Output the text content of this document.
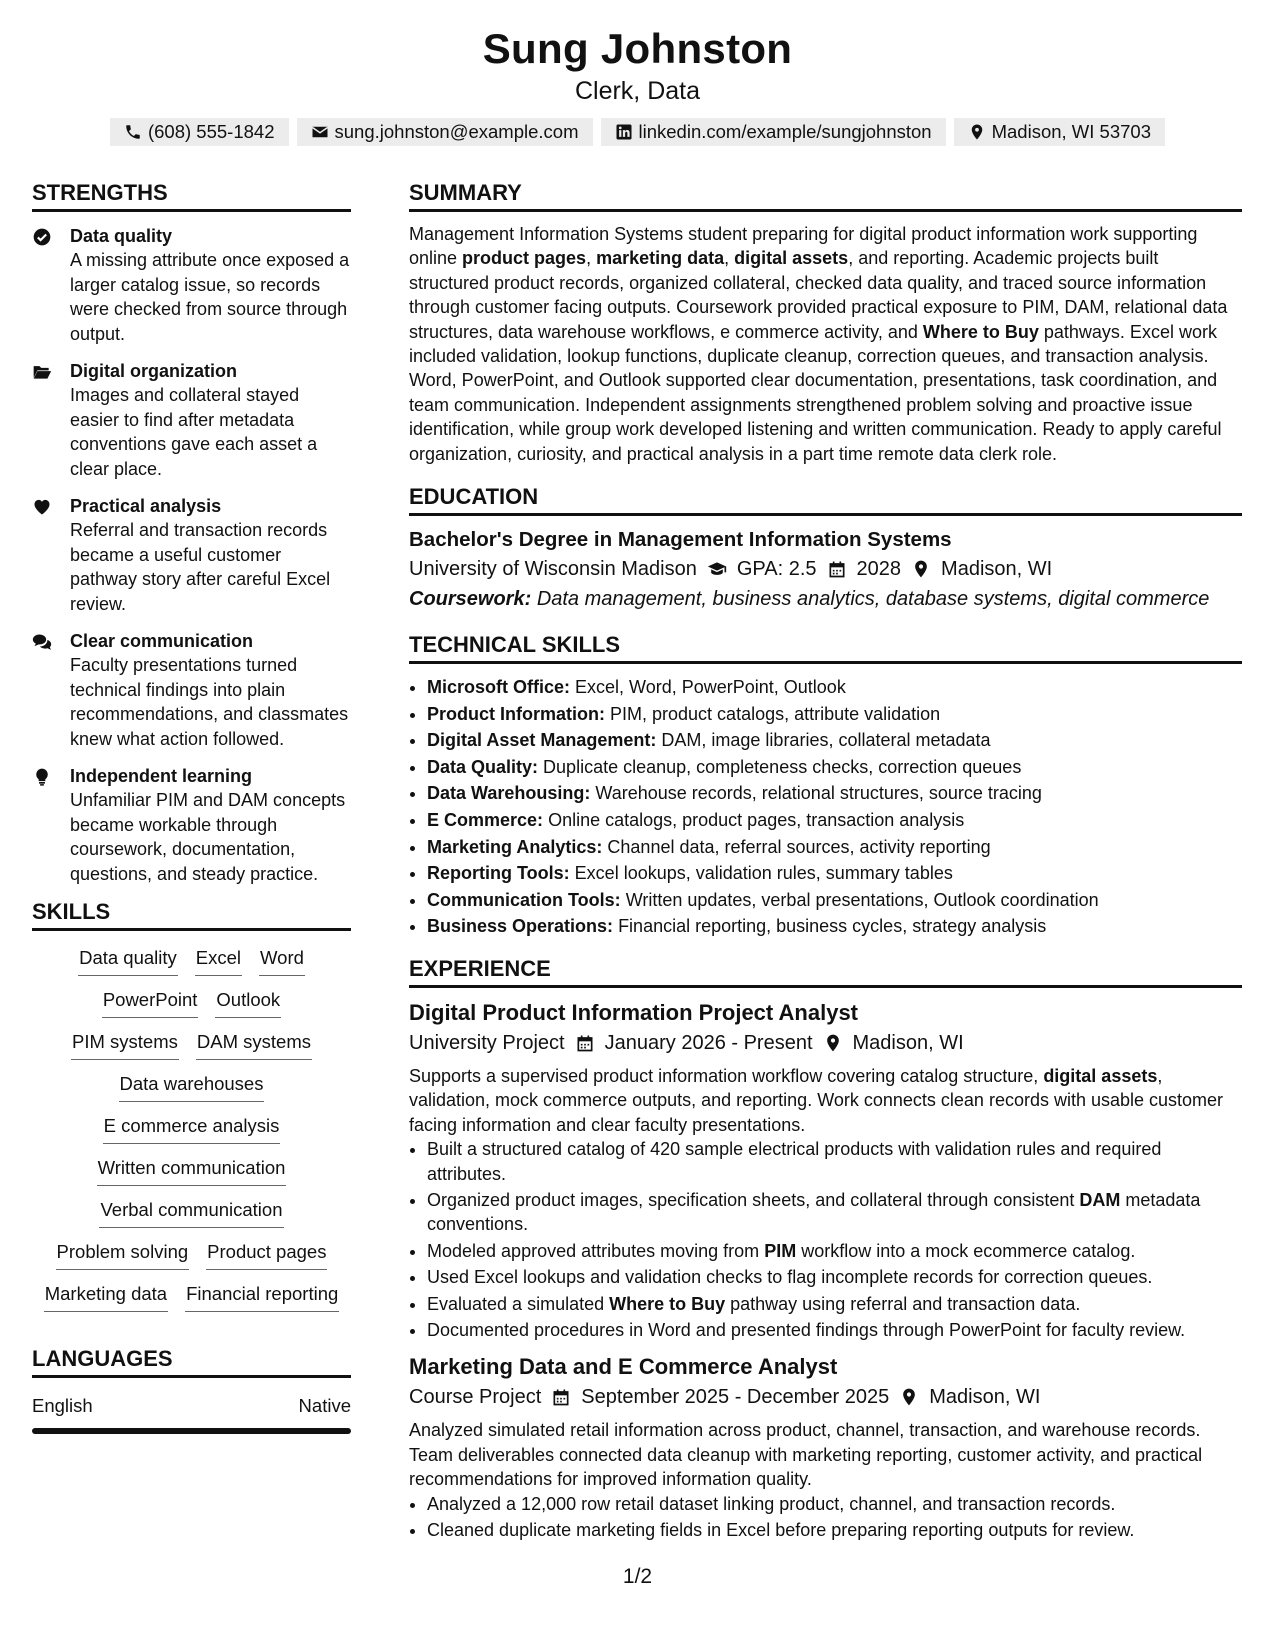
Sung Johnston
Clerk, Data
(608) 555-1842	sung.johnston@example.com	linkedin.com/example/sungjohnston	Madison, WI 53703
STRENGTHS
Data quality
A missing attribute once exposed a larger catalog issue, so records were checked from source through output.
Digital organization
Images and collateral stayed easier to find after metadata conventions gave each asset a clear place.
Practical analysis
Referral and transaction records became a useful customer pathway story after careful Excel review.
Clear communication
Faculty presentations turned technical findings into plain recommendations, and classmates knew what action followed.
Independent learning
Unfamiliar PIM and DAM concepts became workable through coursework, documentation, questions, and steady practice.
SKILLS
Data quality Excel Word
PowerPoint Outlook
PIM systems DAM systems
Data warehouses
E commerce analysis
Written communication
Verbal communication
Problem solving Product pages
Marketing data Financial reporting
LANGUAGES
English	Native
SUMMARY
Management Information Systems student preparing for digital product information work supporting online product pages, marketing data, digital assets, and reporting. Academic projects built structured product records, organized collateral, checked data quality, and traced source information through customer facing outputs. Coursework provided practical exposure to PIM, DAM, relational data structures, data warehouse workflows, e commerce activity, and Where to Buy pathways. Excel work included validation, lookup functions, duplicate cleanup, correction queues, and transaction analysis. Word, PowerPoint, and Outlook supported clear documentation, presentations, task coordination, and team communication. Independent assignments strengthened problem solving and proactive issue identification, while group work developed listening and written communication. Ready to apply careful organization, curiosity, and practical analysis in a part time remote data clerk role.
EDUCATION
Bachelor's Degree in Management Information Systems
University of Wisconsin Madison GPA: 2.5 2028 Madison, WI
Coursework: Data management, business analytics, database systems, digital commerce
TECHNICAL SKILLS
• Microsoft Office: Excel, Word, PowerPoint, Outlook
• Product Information: PIM, product catalogs, attribute validation
• Digital Asset Management: DAM, image libraries, collateral metadata
• Data Quality: Duplicate cleanup, completeness checks, correction queues
• Data Warehousing: Warehouse records, relational structures, source tracing
• E Commerce: Online catalogs, product pages, transaction analysis
• Marketing Analytics: Channel data, referral sources, activity reporting
• Reporting Tools: Excel lookups, validation rules, summary tables
• Communication Tools: Written updates, verbal presentations, Outlook coordination
• Business Operations: Financial reporting, business cycles, strategy analysis
EXPERIENCE
Digital Product Information Project Analyst
University Project January 2026 - Present Madison, WI
Supports a supervised product information workflow covering catalog structure, digital assets, validation, mock commerce outputs, and reporting. Work connects clean records with usable customer facing information and clear faculty presentations.
• Built a structured catalog of 420 sample electrical products with validation rules and required attributes.
• Organized product images, specification sheets, and collateral through consistent DAM metadata conventions.
• Modeled approved attributes moving from PIM workflow into a mock ecommerce catalog.
• Used Excel lookups and validation checks to flag incomplete records for correction queues.
• Evaluated a simulated Where to Buy pathway using referral and transaction data.
• Documented procedures in Word and presented findings through PowerPoint for faculty review.
Marketing Data and E Commerce Analyst
Course Project September 2025 - December 2025 Madison, WI
Analyzed simulated retail information across product, channel, transaction, and warehouse records. Team deliverables connected data cleanup with marketing reporting, customer activity, and practical recommendations for improved information quality.
• Analyzed a 12,000 row retail dataset linking product, channel, and transaction records.
• Cleaned duplicate marketing fields in Excel before preparing reporting outputs for review.
1/2
